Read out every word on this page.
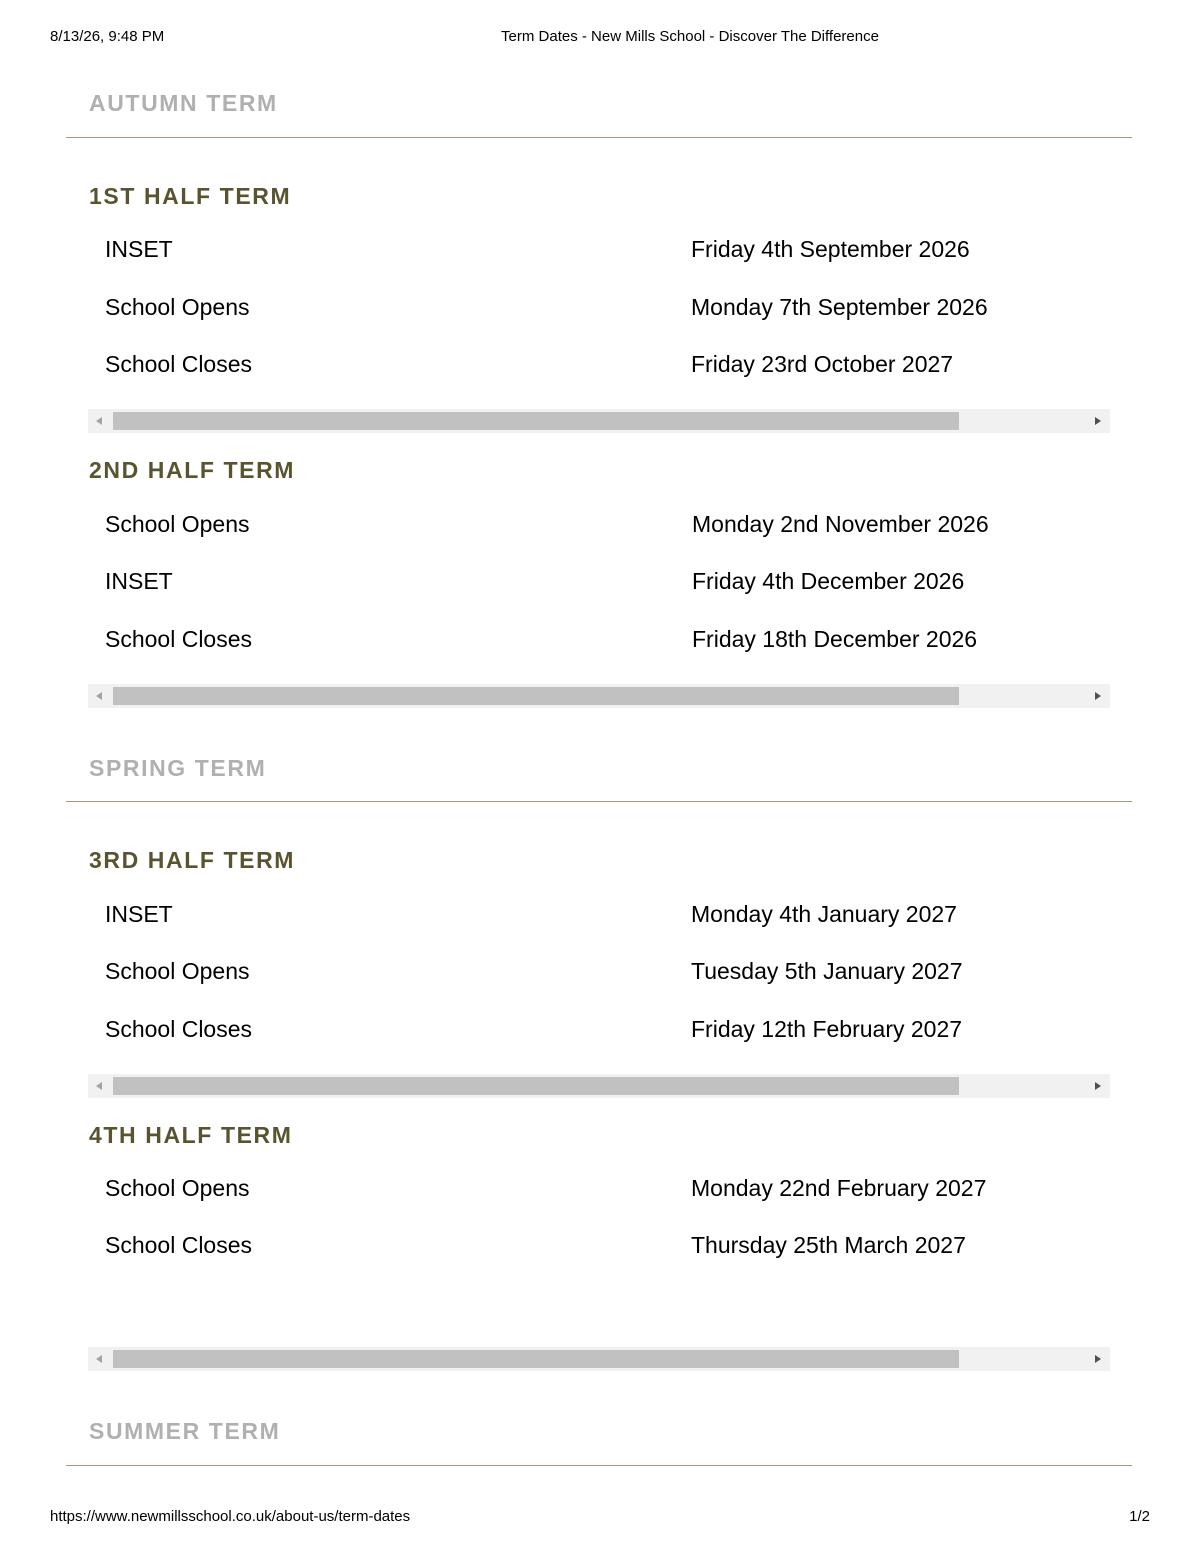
8/13/26, 9:48 PM	Term Dates - New Mills School - Discover The Difference
AUTUMN TERM
1ST HALF TERM
INSET	Friday 4th September 2026
School Opens	Monday 7th September 2026
School Closes	Friday 23rd October 2027
2ND HALF TERM
School Opens	Monday 2nd November 2026
INSET	Friday 4th December 2026
School Closes	Friday 18th December 2026
SPRING TERM
3RD HALF TERM
INSET	Monday 4th January 2027
School Opens	Tuesday 5th January 2027
School Closes	Friday 12th February 2027
4TH HALF TERM
School Opens	Monday 22nd February 2027
School Closes	Thursday 25th March 2027
SUMMER TERM
https://www.newmillsschool.co.uk/about-us/term-dates	1/2
